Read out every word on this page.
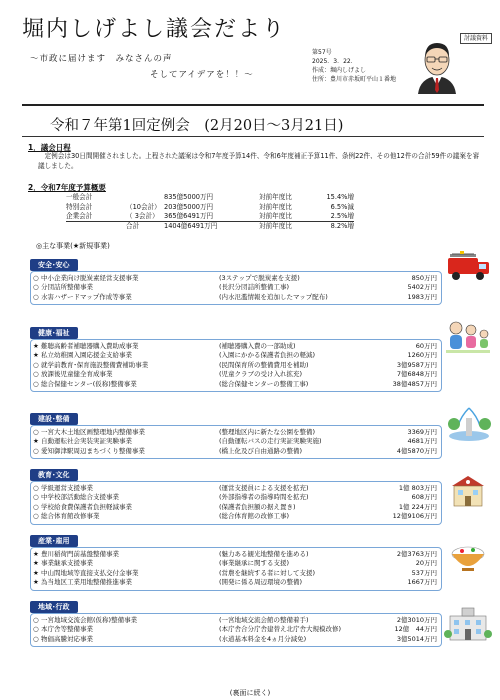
堀内しげよし議会だより
～市政に届けます　みなさんの声
そしてアイデアを！！～
第57号
2025．3．22．
作成：堀内しげよし
住所：豊川市赤坂町平山１番地
討議資料
令和７年第1回定例会　(2月20日～3月21日)
1．議会日程
　定例会は30日間開催されました。上程された議案は令和7年度予算14件、令和6年度補正予算11件、条例22件、その他12件の合計59件の議案を審議しました。
2．令和7年度予算概要
一般会計	835億5000万円	対前年度比	15.4%増
特別会計	（10会計） 203億5000万円	対前年度比	6.5%減
企業会計	（ 3会計） 365億6491万円	対前年度比	2.5%増
合計	1404億6491万円	対前年度比	8.2%増
◎主な事業(★新規事業)
安全･安心
○ 中小企業向け脱炭素経営支援事業	(3ステップで脱炭素を支援)	850万円
○ 分団詰所整備事業	(長沢分団詰所整備工事)	5402万円
○ 水害ハザードマップ作成等事業	(内水氾濫情報を追加したマップ配布)	1983万円
健康･福祉
★ 難聴高齢者補聴器購入費助成事業	(補聴器購入費の一部助成)	60万円
★ 私立幼稚園入園応援金支給事業	(入園にかかる保護者負担の軽減)	1260万円
○ 就学前教育･保育施設整備費補助事業	(民間保育所の整備費用を補助)	3億9587万円
○ 放課後児童健全育成事業	(児童クラブの受け入れ拡充)	7億6848万円
○ 総合保健センター(仮称)整備事業	(総合保健センターの整備工事)	38億4857万円
建設･整備
○ 一宮大木土地区画整理地内整備事業	(整理地区内に新たな公園を整備)	3369万円
★ 自動運転社会実装実証実験事業	(自動運転バスの走行実証実験実施)	4681万円
○ 愛知御津駅周辺まちづくり整備事業	(橋上化及び自由通路の整備)	4億5870万円
教育･文化
○ 学級運営支援事業	(運営支援員による支援を拡充)	1億 803万円
○ 中学校部活動総合支援事業	(外部指導者の指導時間を拡充)	608万円
○ 学校給食費保護者負担軽減事業	(保護者負担額の据え置き)	1億 224万円
○ 総合体育館改修事業	(総合体育館の改修工事)	12億9106万円
産業･雇用
★ 豊川稲荷門前基盤整備事業	(魅力ある観光地整備を進める)	2億3763万円
★ 事業継承支援事業	(事業継承に関する支援)	20万円
★ 中山間地域等直接支払交付金事業	(営農を継続する者に対して支援)	537万円
★ 為当地区工業用地整備推進事業	(開発に係る周辺環境の整備)	1667万円
地域･行政
○ 一宮地域交流会館(仮称)整備事業	(一宮地域交流会館の整備着手)	2億3010万円
○ 本庁舎等整備事業	(本庁舎合分庁舎建替え北庁舎大規模改修)	12億　44万円
○ 物価高騰対応事業	(水道基本料金を4ヵ月分減免)	3億5014万円
(裏面に続く)
